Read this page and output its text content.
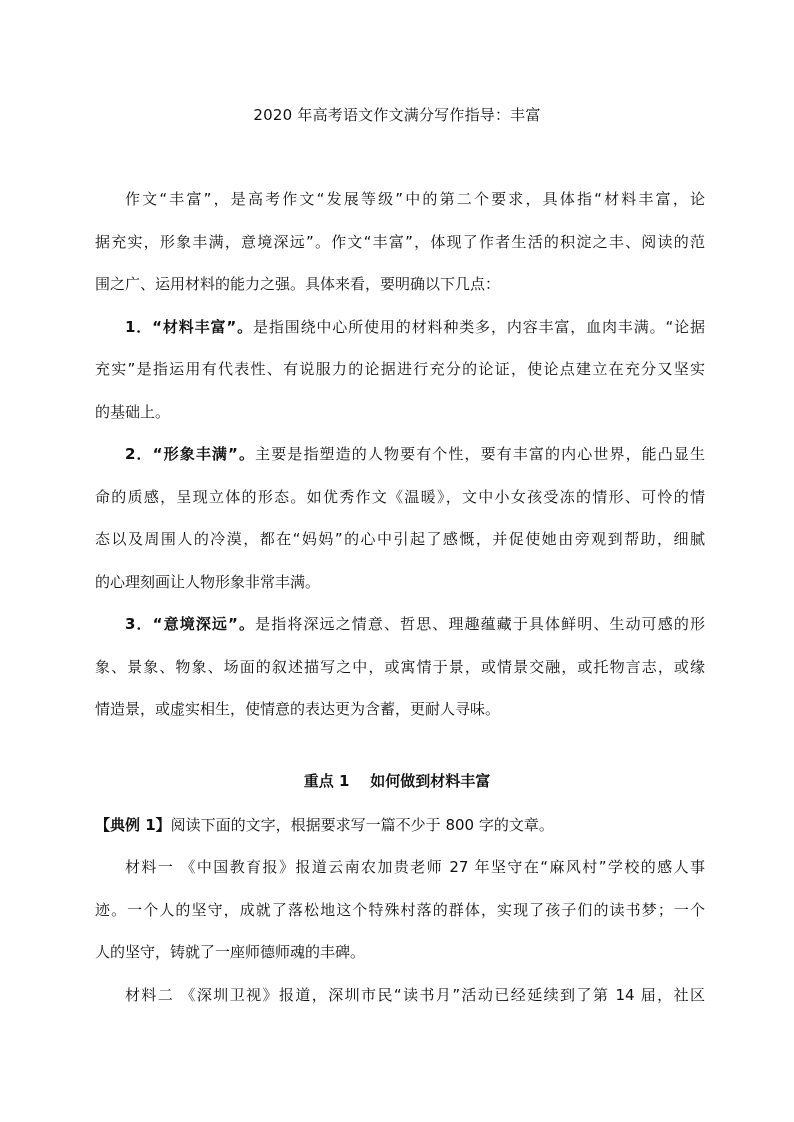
2020 年高考语文作文满分写作指导：丰富
作文“丰富”，是高考作文“发展等级”中的第二个要求，具体指“材料丰富，论
据充实，形象丰满，意境深远”。作文“丰富”，体现了作者生活的积淀之丰、阅读的范
围之广、运用材料的能力之强。具体来看，要明确以下几点：
1．“材料丰富”。是指围绕中心所使用的材料种类多，内容丰富，血肉丰满。“论据
充实”是指运用有代表性、有说服力的论据进行充分的论证，使论点建立在充分又坚实
的基础上。
2．“形象丰满”。主要是指塑造的人物要有个性，要有丰富的内心世界，能凸显生
命的质感，呈现立体的形态。如优秀作文《温暖》，文中小女孩受冻的情形、可怜的情
态以及周围人的冷漠，都在“妈妈”的心中引起了感慨，并促使她由旁观到帮助，细腻
的心理刻画让人物形象非常丰满。
3．“意境深远”。是指将深远之情意、哲思、理趣蕴藏于具体鲜明、生动可感的形
象、景象、物象、场面的叙述描写之中，或寓情于景，或情景交融，或托物言志，或缘
情造景，或虚实相生，使情意的表达更为含蓄，更耐人寻味。
重点 1    如何做到材料丰富
【典例 1】阅读下面的文字，根据要求写一篇不少于 800 字的文章。
材料一 《中国教育报》报道云南农加贵老师 27 年坚守在“麻风村”学校的感人事
迹。一个人的坚守，成就了落松地这个特殊村落的群体，实现了孩子们的读书梦；一个
人的坚守，铸就了一座师德师魂的丰碑。
材料二 《深圳卫视》报道，深圳市民“读书月”活动已经延续到了第 14 届，社区
